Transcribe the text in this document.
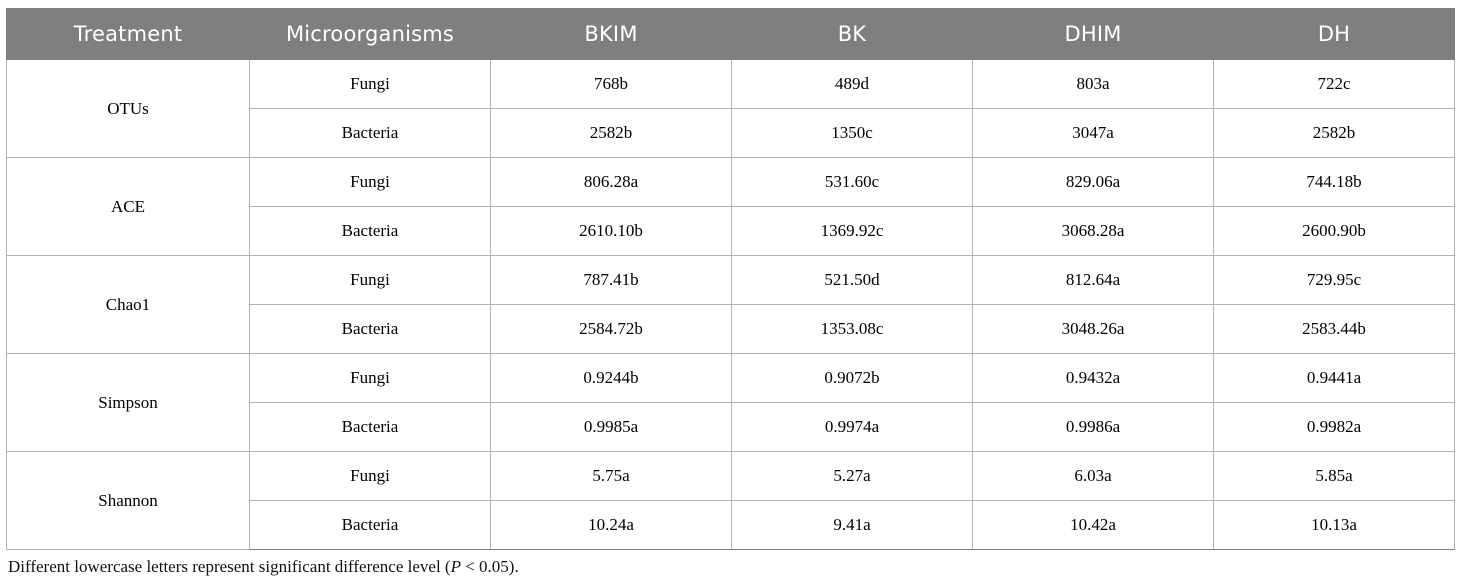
Treatment	Microorganisms	BKIM	BK	DHIM	DH
OTUs	Fungi	768b	489d	803a	722c
	Bacteria	2582b	1350c	3047a	2582b
ACE	Fungi	806.28a	531.60c	829.06a	744.18b
	Bacteria	2610.10b	1369.92c	3068.28a	2600.90b
Chao1	Fungi	787.41b	521.50d	812.64a	729.95c
	Bacteria	2584.72b	1353.08c	3048.26a	2583.44b
Simpson	Fungi	0.9244b	0.9072b	0.9432a	0.9441a
	Bacteria	0.9985a	0.9974a	0.9986a	0.9982a
Shannon	Fungi	5.75a	5.27a	6.03a	5.85a
	Bacteria	10.24a	9.41a	10.42a	10.13a
Different lowercase letters represent significant difference level (P < 0.05).
